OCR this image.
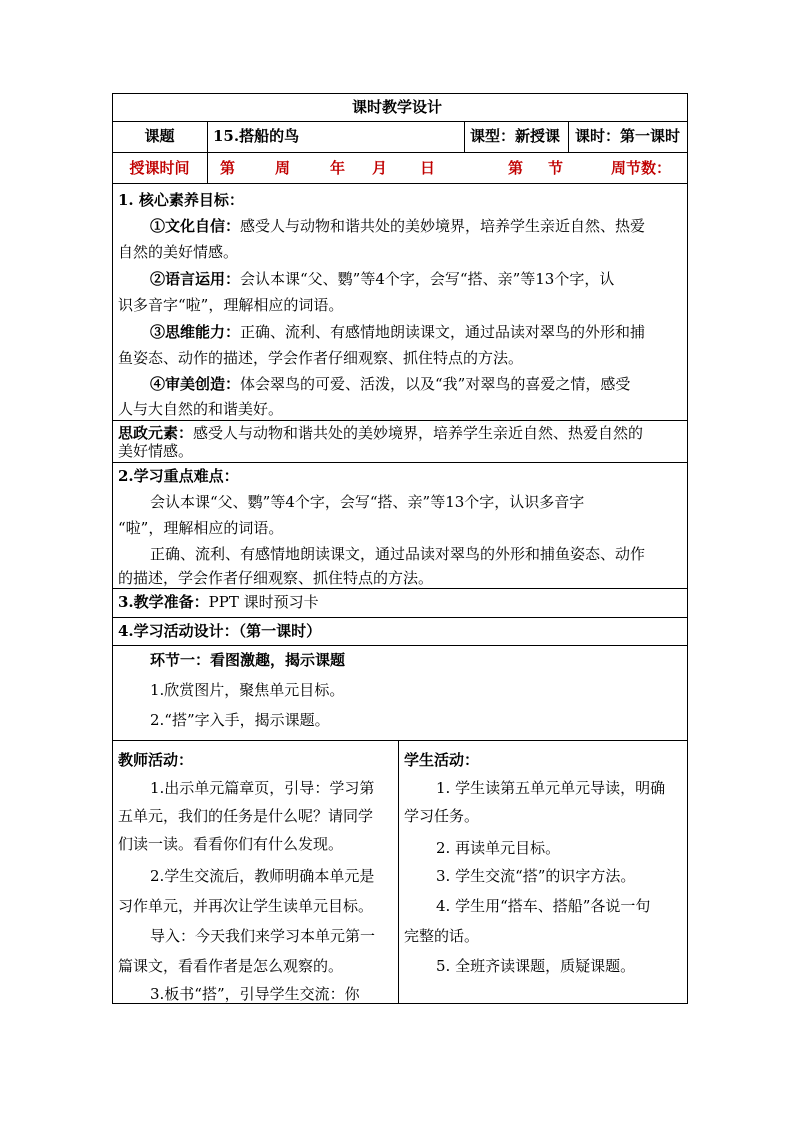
课时教学设计
课题	15.搭船的鸟	课型： 新授课 课时： 第一课时
授课时间	第	周	年 月 日	第 节	周节数：
1. 核心素养目标：
①文化自信：感受人与动物和谐共处的美妙境界，培养学生亲近自然、热爱
自然的美好情感。
②语言运用：会认本课“父、鹦”等4个字，会写“搭、亲”等13个字，认
识多音字“啦”，理解相应的词语。
③思维能力：正确、流利、有感情地朗读课文，通过品读对翠鸟的外形和捕
鱼姿态、动作的描述，学会作者仔细观察、抓住特点的方法。
④审美创造：体会翠鸟的可爱、活泼，以及“我”对翠鸟的喜爱之情，感受
人与大自然的和谐美好。
思政元素：感受人与动物和谐共处的美妙境界，培养学生亲近自然、热爱自然的
美好情感。
2.学习重点难点：
会认本课“父、鹦”等4个字，会写“搭、亲”等13个字，认识多音字
“啦”，理解相应的词语。
正确、流利、有感情地朗读课文，通过品读对翠鸟的外形和捕鱼姿态、动作
的描述，学会作者仔细观察、抓住特点的方法。
3.教学准备：PPT 课时预习卡
4.学习活动设计：（第一课时）
环节一：看图激趣，揭示课题
1.欣赏图片，聚焦单元目标。
2.“搭”字入手，揭示课题。
教师活动：
1.出示单元篇章页，引导：学习第
五单元，我们的任务是什么呢？请同学
们读一读。看看你们有什么发现。
2.学生交流后，教师明确本单元是
习作单元，并再次让学生读单元目标。
导入：今天我们来学习本单元第一
篇课文，看看作者是怎么观察的。
3.板书“搭”，引导学生交流：你
学生活动：
1. 学生读第五单元单元导读，明确
学习任务。
2. 再读单元目标。
3. 学生交流“搭”的识字方法。
4. 学生用“搭车、搭船”各说一句
完整的话。
5. 全班齐读课题，质疑课题。
